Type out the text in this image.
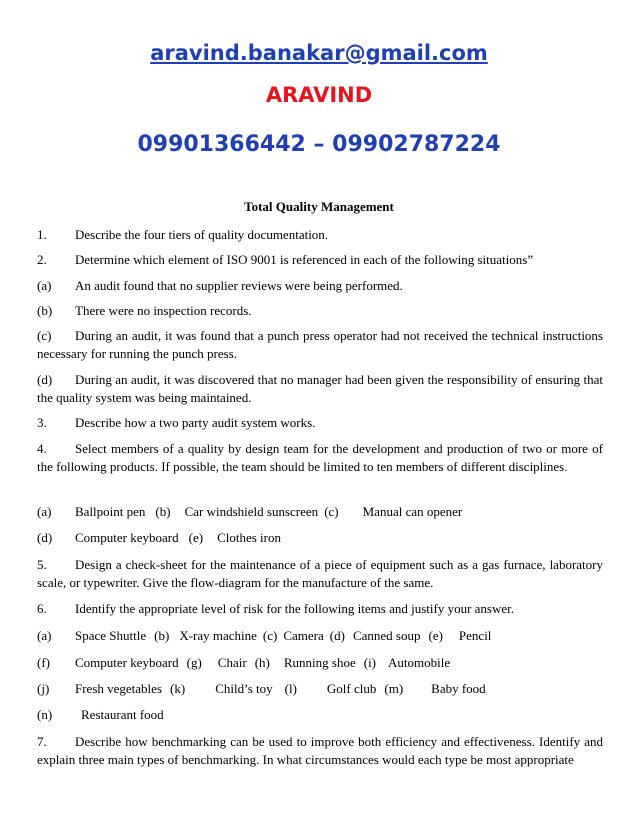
aravind.banakar@gmail.com
ARAVIND
09901366442 – 09902787224
Total Quality Management
1. Describe the four tiers of quality documentation.
2. Determine which element of ISO 9001 is referenced in each of the following situations”
(a) An audit found that no supplier reviews were being performed.
(b) There were no inspection records.
(c) During an audit, it was found that a punch press operator had not received the technical instructions necessary for running the punch press.
(d) During an audit, it was discovered that no manager had been given the responsibility of ensuring that the quality system was being maintained.
3. Describe how a two party audit system works.
4. Select members of a quality by design team for the development and production of two or more of the following products. If possible, the team should be limited to ten members of different disciplines.
(a) Ballpoint pen (b) Car windshield sunscreen (c) Manual can opener
(d) Computer keyboard (e) Clothes iron
5. Design a check-sheet for the maintenance of a piece of equipment such as a gas furnace, laboratory scale, or typewriter. Give the flow-diagram for the manufacture of the same.
6. Identify the appropriate level of risk for the following items and justify your answer.
(a) Space Shuttle (b) X-ray machine (c) Camera (d) Canned soup (e) Pencil
(f) Computer keyboard (g) Chair (h) Running shoe (i) Automobile
(j) Fresh vegetables (k) Child’s toy (l) Golf club (m) Baby food
(n) Restaurant food
7. Describe how benchmarking can be used to improve both efficiency and effectiveness. Identify and explain three main types of benchmarking. In what circumstances would each type be most appropriate
